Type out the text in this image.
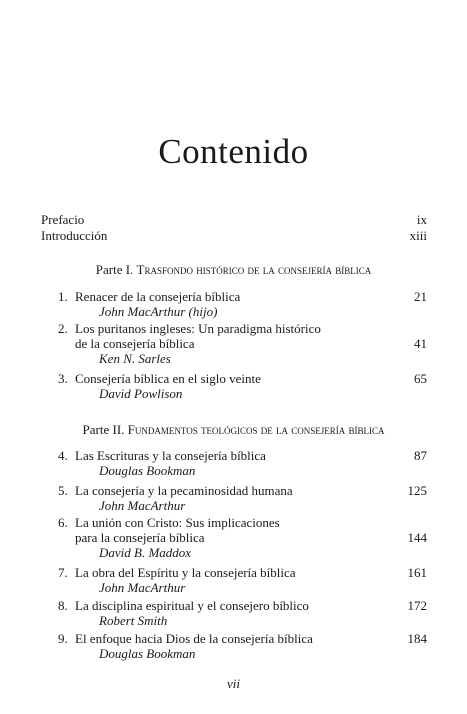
Contenido
Prefacio	ix
Introducción	xiii
Parte I. Trasfondo histórico de la consejería bíblica
1. Renacer de la consejería bíblica	21
John MacArthur (hijo)
2. Los puritanos ingleses: Un paradigma histórico
de la consejería bíblica	41
Ken N. Sarles
3. Consejería bíblica en el siglo veinte	65
David Powlison
Parte II. Fundamentos teológicos de la consejería bíblica
4. Las Escrituras y la consejería bíblica	87
Douglas Bookman
5. La consejería y la pecaminosidad humana	125
John MacArthur
6. La unión con Cristo: Sus implicaciones
para la consejería bíblica	144
David B. Maddox
7. La obra del Espíritu y la consejería bíblica	161
John MacArthur
8. La disciplina espiritual y el consejero bíblico	172
Robert Smith
9. El enfoque hacia Dios de la consejería bíblica	184
Douglas Bookman
vii
